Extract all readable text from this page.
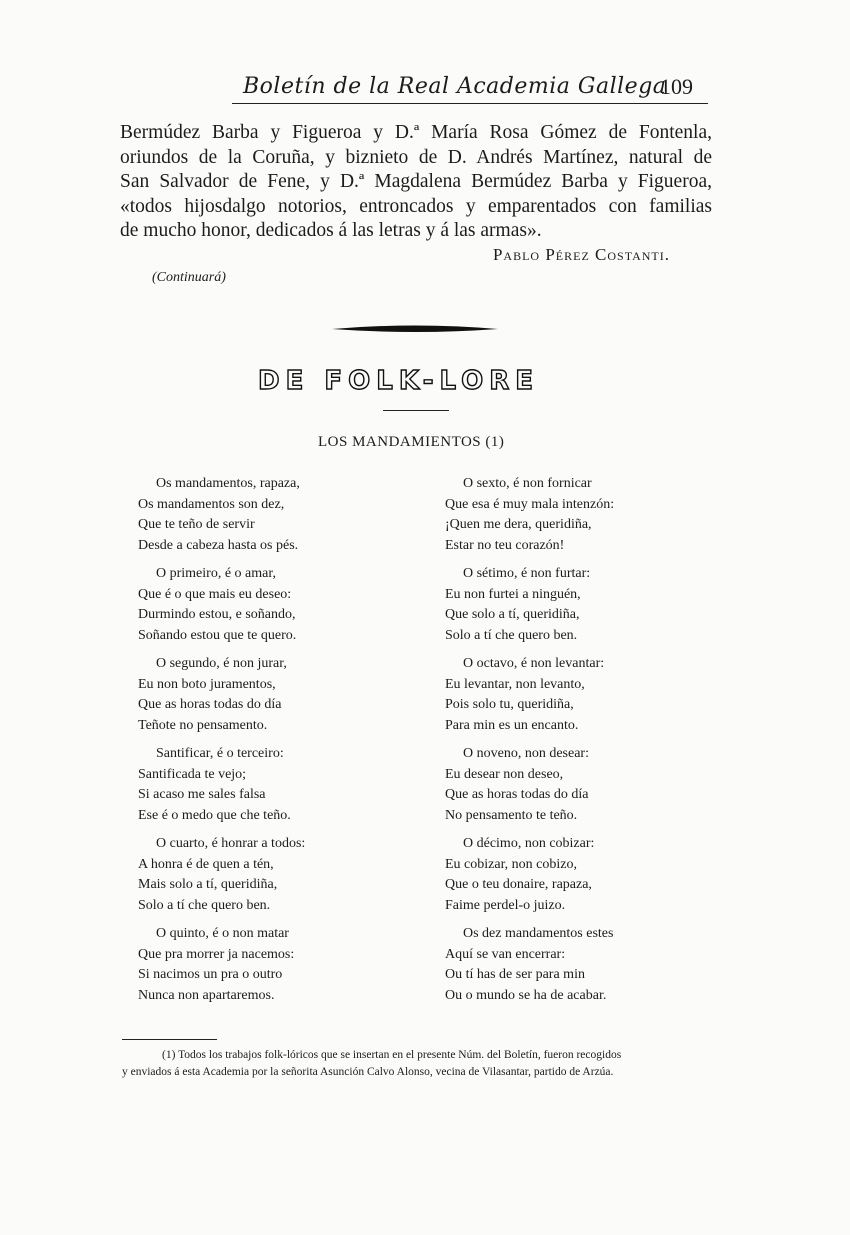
Boletín de la Real Academia Gallega
109
Bermúdez Barba y Figueroa y D.ª María Rosa Gómez de Fontenla,
oriundos de la Coruña, y biznieto de D. Andrés Martínez, natural de
San Salvador de Fene, y D.ª Magdalena Bermúdez Barba y Figueroa,
«todos hijosdalgo notorios, entroncados y emparentados con familias
de mucho honor, dedicados á las letras y á las armas».
Pablo Pérez Costanti.
(Continuará)
DE FOLK-LORE
LOS MANDAMIENTOS (1)
Os mandamentos, rapaza,
Os mandamentos son dez,
Que te teño de servir
Desde a cabeza hasta os pés.
O primeiro, é o amar,
Que é o que mais eu deseo:
Durmindo estou, e soñando,
Soñando estou que te quero.
O segundo, é non jurar,
Eu non boto juramentos,
Que as horas todas do día
Teñote no pensamento.
Santificar, é o terceiro:
Santificada te vejo;
Si acaso me sales falsa
Ese é o medo que che teño.
O cuarto, é honrar a todos:
A honra é de quen a tén,
Mais solo a tí, queridiña,
Solo a tí che quero ben.
O quinto, é o non matar
Que pra morrer ja nacemos:
Si nacimos un pra o outro
Nunca non apartaremos.
O sexto, é non fornicar
Que esa é muy mala intenzón:
¡Quen me dera, queridiña,
Estar no teu corazón!
O sétimo, é non furtar:
Eu non furtei a ninguén,
Que solo a tí, queridiña,
Solo a tí che quero ben.
O octavo, é non levantar:
Eu levantar, non levanto,
Pois solo tu, queridiña,
Para min es un encanto.
O noveno, non desear:
Eu desear non deseo,
Que as horas todas do día
No pensamento te teño.
O décimo, non cobizar:
Eu cobizar, non cobizo,
Que o teu donaire, rapaza,
Faime perdel-o juizo.
Os dez mandamentos estes
Aquí se van encerrar:
Ou tí has de ser para min
Ou o mundo se ha de acabar.
(1) Todos los trabajos folk-lóricos que se insertan en el presente Núm. del Boletín, fueron recogidos
y enviados á esta Academia por la señorita Asunción Calvo Alonso, vecina de Vilasantar, partido de Arzúa.
